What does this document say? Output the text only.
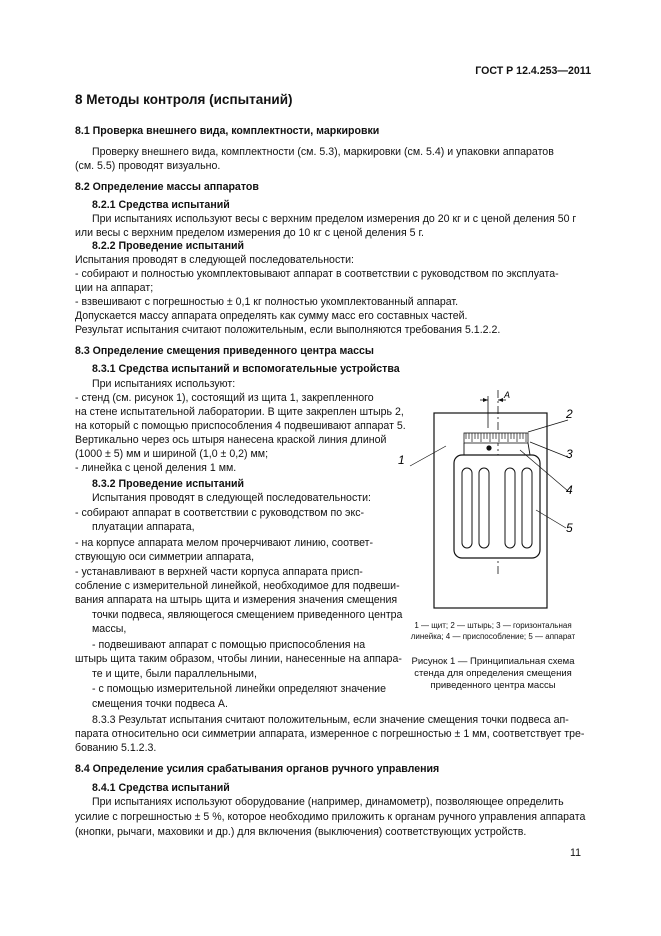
ГОСТ Р 12.4.253—2011
8 Методы контроля (испытаний)
8.1 Проверка внешнего вида, комплектности, маркировки
Проверку внешнего вида, комплектности (см. 5.3), маркировки (см. 5.4) и упаковки аппаратов
(см. 5.5) проводят визуально.
8.2 Определение массы аппаратов
8.2.1 Средства испытаний
При испытаниях используют весы с верхним пределом измерения до 20 кг и с ценой деления 50 г
или весы с верхним пределом измерения до 10 кг с ценой деления 5 г.
8.2.2 Проведение испытаний
Испытания проводят в следующей последовательности:
- собирают и полностью укомплектовывают аппарат в соответствии с руководством по эксплуата-
ции на аппарат;
- взвешивают с погрешностью ± 0,1 кг полностью укомплектованный аппарат.
Допускается массу аппарата определять как сумму масс его составных частей.
Результат испытания считают положительным, если выполняются требования 5.1.2.2.
8.3 Определение смещения приведенного центра массы
8.3.1 Средства испытаний и вспомогательные устройства
При испытаниях используют:
- стенд (см. рисунок 1), состоящий из щита 1, закрепленного
на стене испытательной лаборатории. В щите закреплен штырь 2,
на который с помощью приспособления 4 подвешивают аппарат 5.
Вертикально через ось штыря нанесена краской линия длиной
(1000 ± 5) мм и шириной (1,0 ± 0,2) мм;
- линейка с ценой деления 1 мм.
8.3.2 Проведение испытаний
Испытания проводят в следующей последовательности:
- собирают аппарат в соответствии с руководством по экс-
плуатации аппарата,
- на корпусе аппарата мелом прочерчивают линию, соответ-
ствующую оси симметрии аппарата,
- устанавливают в верхней части корпуса аппарата присп-
собление с измерительной линейкой, необходимое для подвеши-
вания аппарата на штырь щита и измерения значения смещения
точки подвеса, являющегося смещением приведенного центра
массы,
- подвешивают аппарат с помощью приспособления на
штырь щита таким образом, чтобы линии, нанесенные на аппара-
те и щите, были параллельными,
- с помощью измерительной линейки определяют значение
смещения точки подвеса А.
8.3.3 Результат испытания считают положительным, если значение смещения точки подвеса ап-
парата относительно оси симметрии аппарата, измеренное с погрешностью ± 1 мм, соответствует тре-
бованию 5.1.2.3.
А
1
2
3
4
5
1 — щит; 2 — штырь; 3 — горизонтальная
линейка; 4 — приспособление; 5 — аппарат
Рисунок 1 — Принципиальная схема
стенда для определения смещения
приведенного центра массы
8.4 Определение усилия срабатывания органов ручного управления
8.4.1 Средства испытаний
При испытаниях используют оборудование (например, динамометр), позволяющее определить
усилие с погрешностью ± 5 %, которое необходимо приложить к органам ручного управления аппарата
(кнопки, рычаги, маховики и др.) для включения (выключения) соответствующих устройств.
11
